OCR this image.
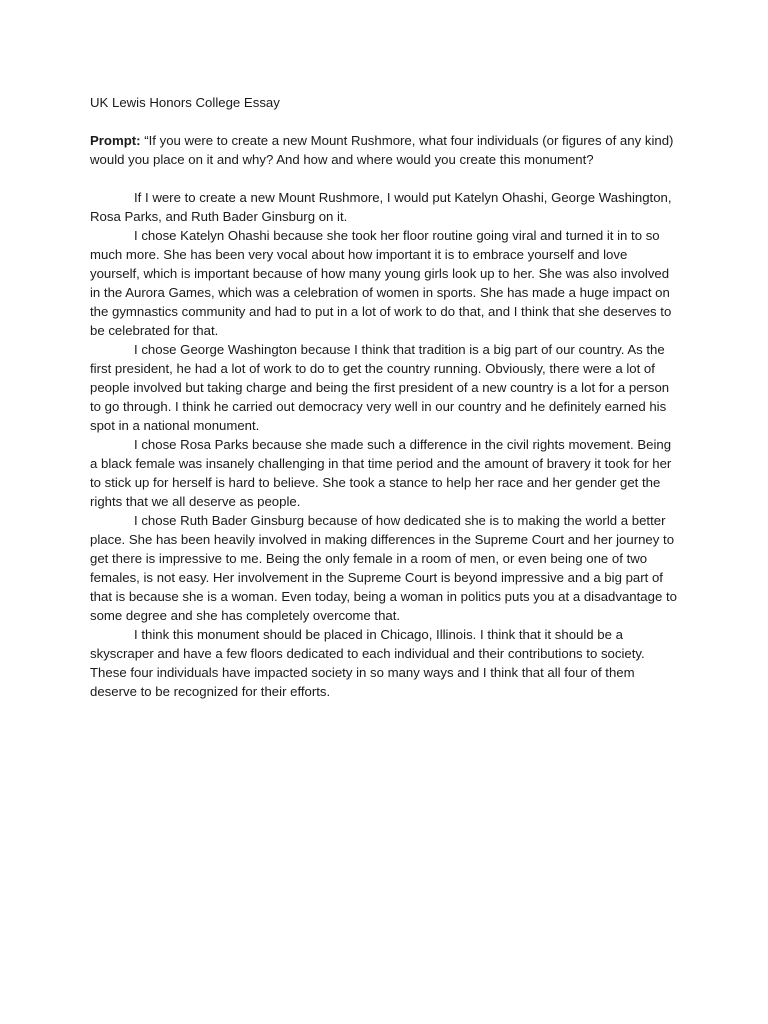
UK Lewis Honors College Essay

Prompt: “If you were to create a new Mount Rushmore, what four individuals (or figures of any kind) would you place on it and why? And how and where would you create this monument?

If I were to create a new Mount Rushmore, I would put Katelyn Ohashi, George Washington, Rosa Parks, and Ruth Bader Ginsburg on it.

I chose Katelyn Ohashi because she took her floor routine going viral and turned it in to so much more. She has been very vocal about how important it is to embrace yourself and love yourself, which is important because of how many young girls look up to her. She was also involved in the Aurora Games, which was a celebration of women in sports. She has made a huge impact on the gymnastics community and had to put in a lot of work to do that, and I think that she deserves to be celebrated for that.

I chose George Washington because I think that tradition is a big part of our country. As the first president, he had a lot of work to do to get the country running. Obviously, there were a lot of people involved but taking charge and being the first president of a new country is a lot for a person to go through. I think he carried out democracy very well in our country and he definitely earned his spot in a national monument.

I chose Rosa Parks because she made such a difference in the civil rights movement. Being a black female was insanely challenging in that time period and the amount of bravery it took for her to stick up for herself is hard to believe. She took a stance to help her race and her gender get the rights that we all deserve as people.

I chose Ruth Bader Ginsburg because of how dedicated she is to making the world a better place. She has been heavily involved in making differences in the Supreme Court and her journey to get there is impressive to me. Being the only female in a room of men, or even being one of two females, is not easy. Her involvement in the Supreme Court is beyond impressive and a big part of that is because she is a woman. Even today, being a woman in politics puts you at a disadvantage to some degree and she has completely overcome that.

I think this monument should be placed in Chicago, Illinois. I think that it should be a skyscraper and have a few floors dedicated to each individual and their contributions to society. These four individuals have impacted society in so many ways and I think that all four of them deserve to be recognized for their efforts.
